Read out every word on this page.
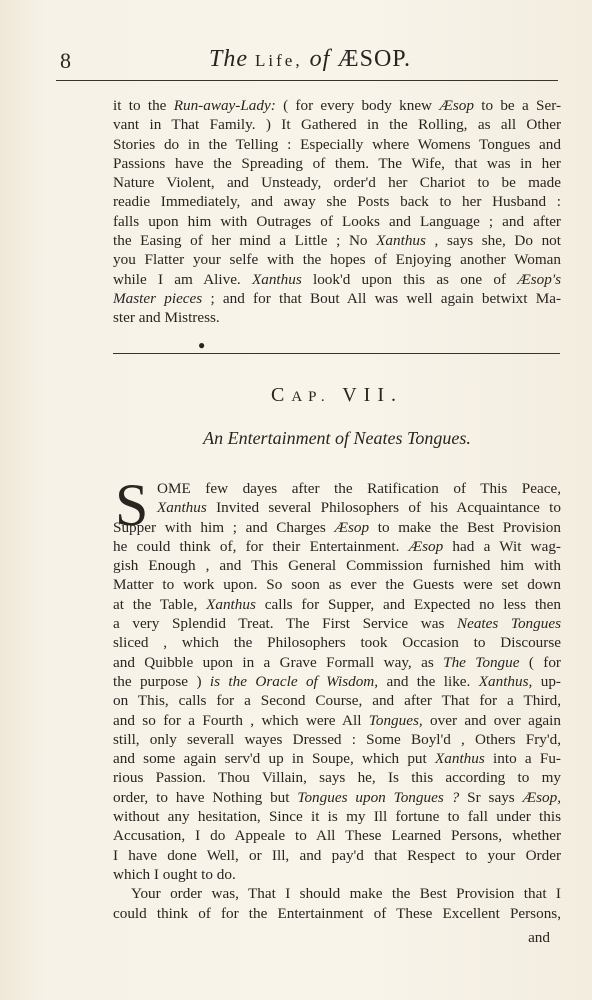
8	The Life, of ÆSOP.

it to the Run-away-Lady: ( for every body knew Æsop to be a Ser-
vant in That Family. ) It Gathered in the Rolling, as all Other
Stories do in the Telling : Especially where Womens Tongues and
Passions have the Spreading of them. The Wife, that was in her
Nature Violent, and Unsteady, order'd her Chariot to be made
readie Immediately, and away she Posts back to her Husband :
falls upon him with Outrages of Looks and Language ; and after
the Easing of her mind a Little ; No Xanthus , says she, Do not
you Flatter your selfe with the hopes of Enjoying another Woman
while I am Alive. Xanthus look'd upon this as one of Æsop's
Master pieces ; and for that Bout All was well again betwixt Ma-
ster and Mistress.

●
CAP. VII.
An Entertainment of Neates Tongues.
S OME few dayes after the Ratification of This Peace,
Xanthus Invited several Philosophers of his Acquaintance to
Supper with him ; and Charges Æsop to make the Best Provision
he could think of, for their Entertainment. Æsop had a Wit wag-
gish Enough , and This General Commission furnished him with
Matter to work upon. So soon as ever the Guests were set down
at the Table, Xanthus calls for Supper, and Expected no less then
a very Splendid Treat. The First Service was Neates Tongues
sliced , which the Philosophers took Occasion to Discourse
and Quibble upon in a Grave Formall way, as The Tongue ( for
the purpose ) is the Oracle of Wisdom, and the like. Xanthus, up-
on This, calls for a Second Course, and after That for a Third,
and so for a Fourth , which were All Tongues, over and over again
still, only severall wayes Dressed : Some Boyl'd , Others Fry'd,
and some again serv'd up in Soupe, which put Xanthus into a Fu-
rious Passion. Thou Villain, says he, Is this according to my
order, to have Nothing but Tongues upon Tongues ? Sr says Æsop,
without any hesitation, Since it is my Ill fortune to fall under this
Accusation, I do Appeale to All These Learned Persons, whether
I have done Well, or Ill, and pay'd that Respect to your Order
which I ought to do.
Your order was, That I should make the Best Provision that I
could think of for the Entertainment of These Excellent Persons,

and
